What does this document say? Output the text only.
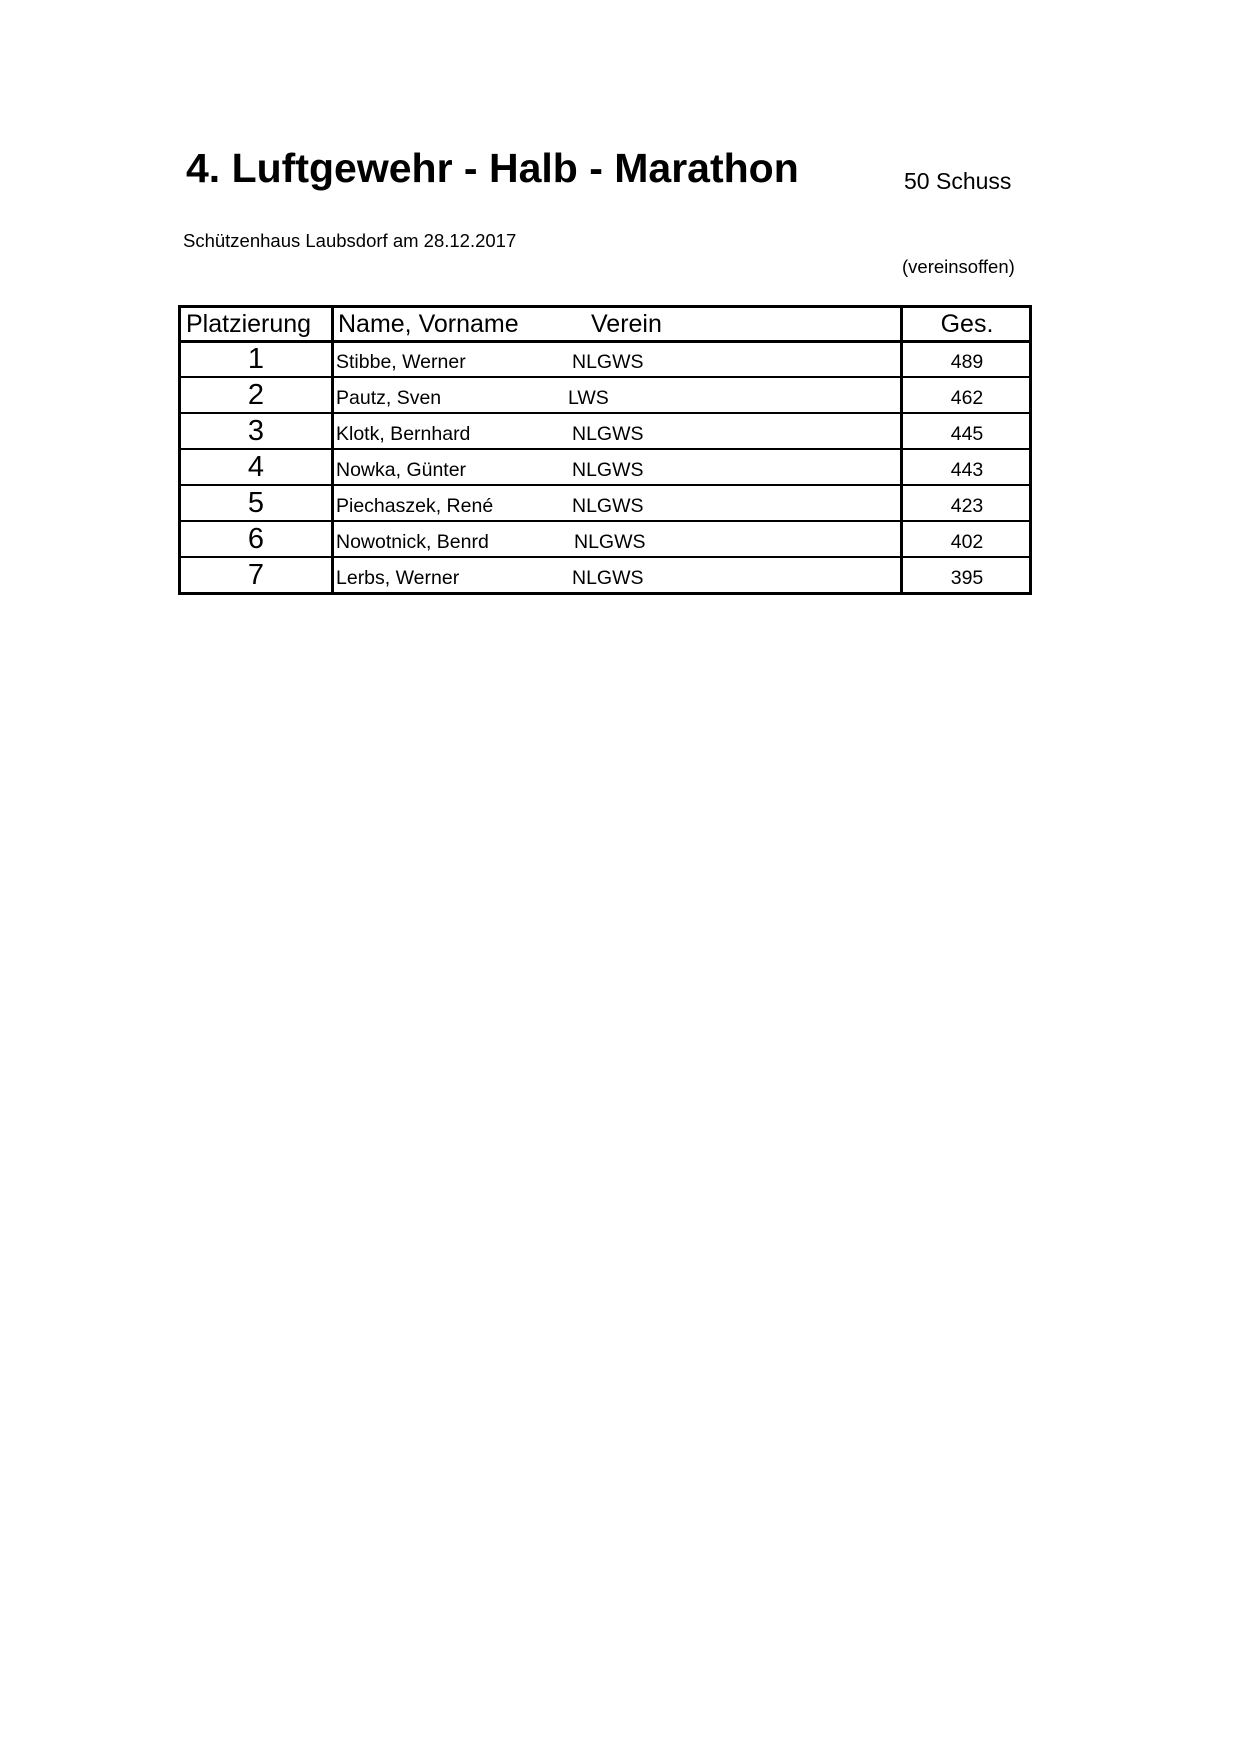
4. Luftgewehr - Halb - Marathon	50 Schuss
Schützenhaus Laubsdorf am 28.12.2017
(vereinsoffen)
Platzierung Name, Vorname	Verein	Ges.
1	Stibbe, Werner	NLGWS	489
2	Pautz, Sven	LWS	462
3	Klotk, Bernhard	NLGWS	445
4	Nowka, Günter	NLGWS	443
5	Piechaszek, René	NLGWS	423
6	Nowotnick, Benrd	NLGWS	402
7	Lerbs, Werner	NLGWS	395
